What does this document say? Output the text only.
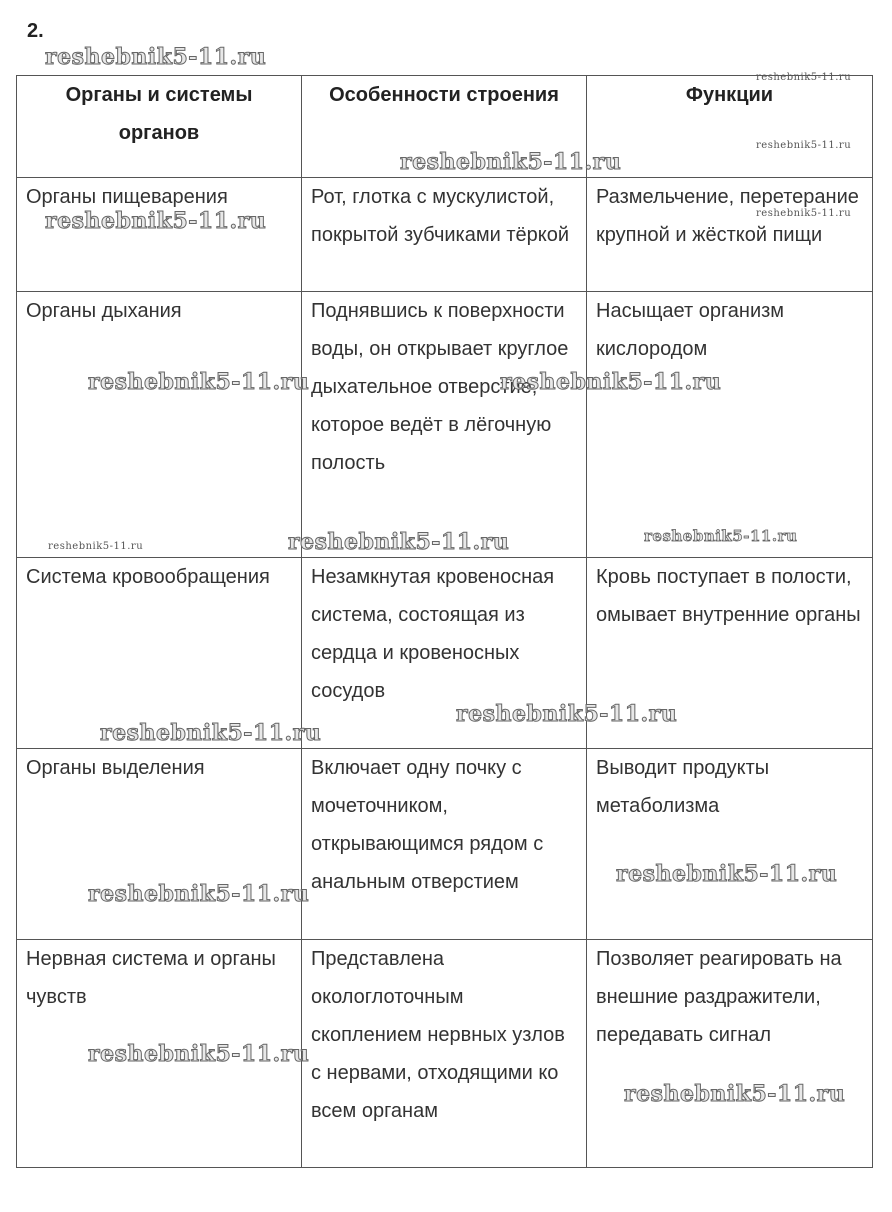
2.
Органы и системы органов	Особенности строения	Функции
Органы пищеварения	Рот, глотка с мускулистой, покрытой зубчиками тёркой	Размельчение, перетерание крупной и жёсткой пищи
Органы дыхания	Поднявшись к поверхности воды, он открывает круглое дыхательное отверстие, которое ведёт в лёгочную полость	Насыщает организм кислородом
Система кровообращения	Незамкнутая кровеносная система, состоящая из сердца и кровеносных сосудов	Кровь поступает в полости, омывает внутренние органы
Органы выделения	Включает одну почку с мочеточником, открывающимся рядом с анальным отверстием	Выводит продукты метаболизма
Нервная система и органы чувств	Представлена окологлоточным скоплением нервных узлов с нервами, отходящими ко всем органам	Позволяет реагировать на внешние раздражители, передавать сигнал
reshebnik5-11.ru
reshebnik5-11.ru
reshebnik5-11.ru
reshebnik5-11.ru
reshebnik5-11.ru
reshebnik5-11.ru
reshebnik5-11.ru	reshebnik5-11.ru
reshebnik5-11.ru
reshebnik5-11.ru
reshebnik5-11.ru
reshebnik5-11.ru
reshebnik5-11.ru
reshebnik5-11.ru
reshebnik5-11.ru
reshebnik5-11.ru
reshebnik5-11.ru
